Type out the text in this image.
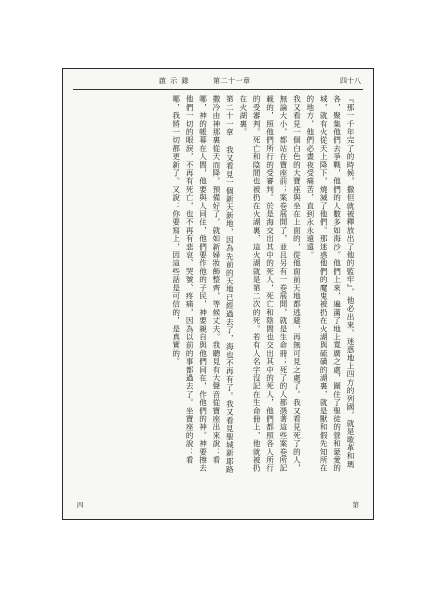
啟 示 錄	第二十一章	四十八

『那一千年完了的時候，撒但就被釋放出了他的監牢』，他必出來，迷惑地上四方的列國，就是歌革和瑪各，聚集他們去爭戰，他們的人數多如海沙。他們上來，遍滿了地上寬廣之處，圍住了聖徒的營和蒙愛的城，就有火從天上降下，燒滅了他們。那迷惑他們的魔鬼被扔在火湖與硫磺的湖裏，就是獸和假先知所在的地方，他們必晝夜受痛苦，直到永永遠遠。

我又看見一個白色的大寶座與坐在上面的，從他面前天地都逃避，再無可見之處了。我又看見死了的人，無論大小，都站在寶座前；案卷展開了，並且另有一卷展開，就是生命冊；死了的人都憑著這些案卷所記載的，照他們所行的受審判。於是海交出其中的死人，死亡和陰間也交出其中的死人，他們都照各人所行的受審判。死亡和陰間也被扔在火湖裏，這火湖就是第二次的死。若有人名字沒記在生命冊上，他就被扔在火湖裏。

第二十一章 我又看見一個新天新地，因為先前的天地已經過去了，海也不再有了。我又看見聖城新耶路撒冷由神那裏從天而降，預備好了，就如新婦妝飾整齊，等候丈夫。我聽見有大聲音從寶座出來說：看哪，神的帳幕在人間，他要與人同住，他們要作他的子民，神要親自與他們同在，作他們的神。神要擦去他們一切的眼淚，不再有死亡，也不再有悲哀、哭號、疼痛，因為以前的事都過去了。坐寶座的說：看哪，我將一切都更新了。又說：你要寫上，因這些話是可信的，是真實的。

四	第
